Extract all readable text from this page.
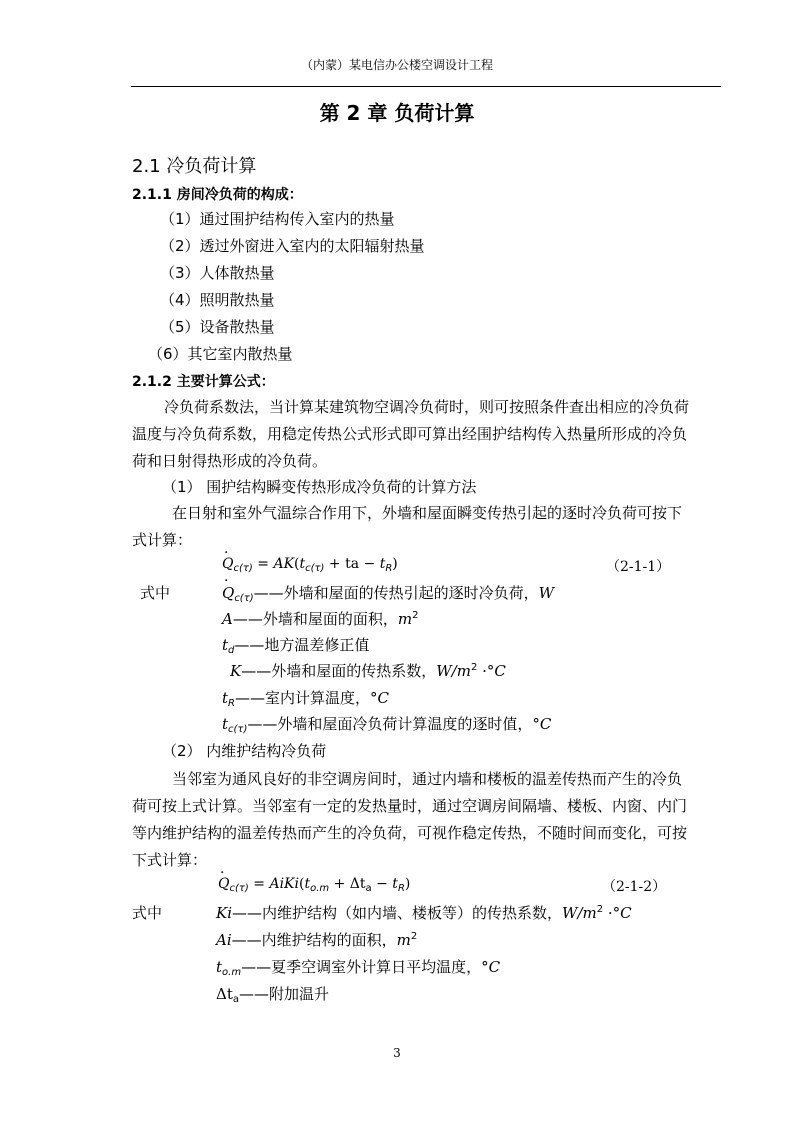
（内蒙）某电信办公楼空调设计工程
第 2 章 负荷计算
2.1 冷负荷计算
2.1.1 房间冷负荷的构成：
（1）通过围护结构传入室内的热量
（2）透过外窗进入室内的太阳辐射热量
（3）人体散热量
（4）照明散热量
（5）设备散热量
（6）其它室内散热量
2.1.2 主要计算公式：
冷负荷系数法，当计算某建筑物空调冷负荷时，则可按照条件查出相应的冷负荷
温度与冷负荷系数，用稳定传热公式形式即可算出经围护结构传入热量所形成的冷负
荷和日射得热形成的冷负荷。
（1） 围护结构瞬变传热形成冷负荷的计算方法
在日射和室外气温综合作用下，外墙和屋面瞬变传热引起的逐时冷负荷可按下
式计算：
· $Q_{c(\tau)} = AK(t_{c(\tau)}$ + ta − $t_R$)	（2-1-1）
式中
·	$Q_{c(\tau)}——$外墙和屋面的传热引起的逐时冷负荷，W
A——外墙和屋面的面积，$m^2$
$t_d——$地方温差修正值
K——外墙和屋面的传热系数，$W/m^2 \cdot^\circ C$
$t_R——$室内计算温度，°C
$t_{c(\tau)}——$外墙和屋面冷负荷计算温度的逐时值，°C
（2） 内维护结构冷负荷
当邻室为通风良好的非空调房间时，通过内墙和楼板的温差传热而产生的冷负
荷可按上式计算。当邻室有一定的发热量时，通过空调房间隔墙、楼板、内窗、内门
等内维护结构的温差传热而产生的冷负荷，可视作稳定传热，不随时间而变化，可按
下式计算：
· $Q_{c(\tau)}$ = $AiKi(t_{o.m} + \Delta t_a - t_R)$	（2-1-2）
式中	Ki——内维护结构（如内墙、楼板等）的传热系数，$W/m^2 \cdot^\circ C$
Ai——内维护结构的面积，$m^2$
$t_{o.m}——$夏季空调室外计算日平均温度，°C
$\Delta t_a——$附加温升
3
